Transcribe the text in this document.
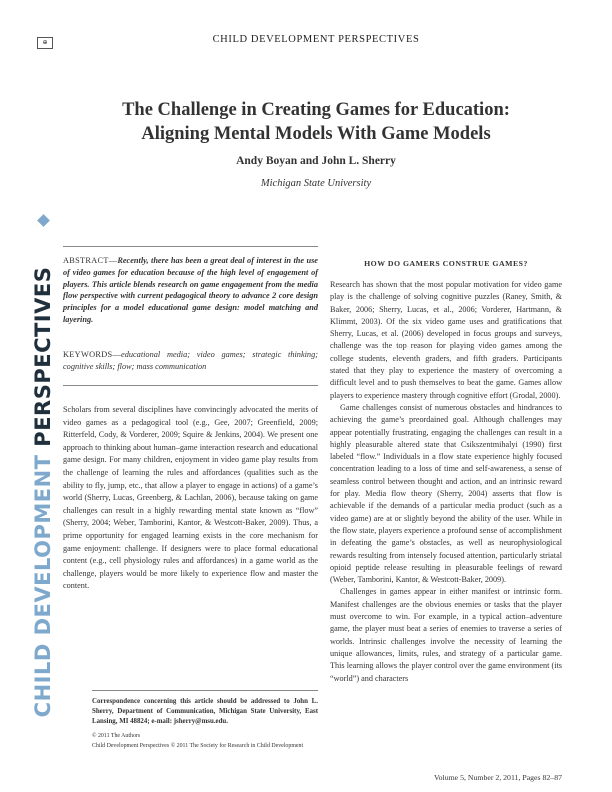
⊕	CHILD DEVELOPMENT PERSPECTIVES
The Challenge in Creating Games for Education:
Aligning Mental Models With Game Models
Andy Boyan and John L. Sherry
Michigan State University
ABSTRACT—Recently, there has been a great deal of interest in the use of video games for education because of the high level of engagement of players. This article blends research on game engagement from the media flow perspective with current pedagogical theory to advance 2 core design principles for a model educational game design: model matching and layering.
KEYWORDS—educational media; video games; strategic thinking; cognitive skills; flow; mass communication
Scholars from several disciplines have convincingly advocated the merits of video games as a pedagogical tool (e.g., Gee, 2007; Greenfield, 2009; Ritterfeld, Cody, & Vorderer, 2009; Squire & Jenkins, 2004). We present one approach to thinking about human–game interaction research and educational game design. For many children, enjoyment in video game play results from the challenge of learning the rules and affordances (qualities such as the ability to fly, jump, etc., that allow a player to engage in actions) of a game’s world (Sherry, Lucas, Greenberg, & Lachlan, 2006), because taking on game challenges can result in a highly rewarding mental state known as “flow” (Sherry, 2004; Weber, Tamborini, Kantor, & Westcott-Baker, 2009). Thus, a prime opportunity for engaged learning exists in the core mechanism for game enjoyment: challenge. If designers were to place formal educational content (e.g., cell physiology rules and affordances) in a game world as the challenge, players would be more likely to experience flow and master the content.
Correspondence concerning this article should be addressed to John L. Sherry, Department of Communication, Michigan State University, East Lansing, MI 48824; e-mail: jsherry@msu.edu.
© 2011 The Authors
Child Development Perspectives © 2011 The Society for Research in Child Development
CHILD DEVELOPMENT PERSPECTIVES
HOW DO GAMERS CONSTRUE GAMES?

Research has shown that the most popular motivation for video game play is the challenge of solving cognitive puzzles (Raney, Smith, & Baker, 2006; Sherry, Lucas, et al., 2006; Vorderer, Hartmann, & Klimmt, 2003). Of the six video game uses and gratifications that Sherry, Lucas, et al. (2006) developed in focus groups and surveys, challenge was the top reason for playing video games among the college students, eleventh graders, and fifth graders. Participants stated that they play to experience the mastery of overcoming a difficult level and to push themselves to beat the game. Games allow players to experience mastery through cognitive effort (Grodal, 2000).

Game challenges consist of numerous obstacles and hindrances to achieving the game’s preordained goal. Although challenges may appear potentially frustrating, engaging the challenges can result in a highly pleasurable altered state that Csikszentmihalyi (1990) first labeled “flow.” Individuals in a flow state experience highly focused concentration leading to a loss of time and self-awareness, a sense of seamless control between thought and action, and an intrinsic reward for play. Media flow theory (Sherry, 2004) asserts that flow is achievable if the demands of a particular media product (such as a video game) are at or slightly beyond the ability of the user. While in the flow state, players experience a profound sense of accomplishment in defeating the game’s obstacles, as well as neurophysiological rewards resulting from intensely focused attention, particularly striatal opioid peptide release resulting in pleasurable feelings of reward (Weber, Tamborini, Kantor, & Westcott-Baker, 2009).

Challenges in games appear in either manifest or intrinsic form. Manifest challenges are the obvious enemies or tasks that the player must overcome to win. For example, in a typical action–adventure game, the player must beat a series of enemies to traverse a series of worlds. Intrinsic challenges involve the necessity of learning the unique allowances, limits, rules, and strategy of a particular game. This learning allows the player control over the game environment (its “world”) and characters

Volume 5, Number 2, 2011, Pages 82–87
